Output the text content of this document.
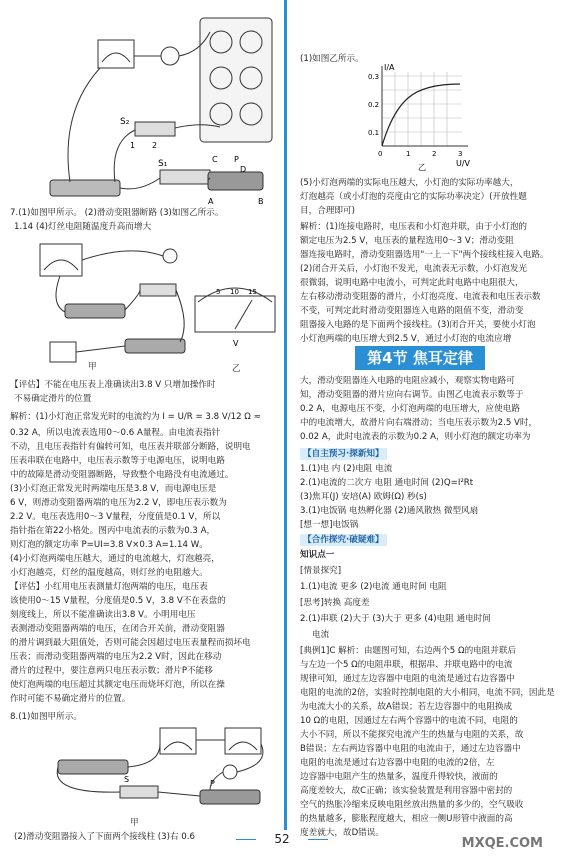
S₂
S₁
1 2
C P
D
A	B
7.(1)如图甲所示。 (2)滑动变阻器断路 (3)如图乙所示。
1.14 (4)灯丝电阻随温度升高而增大
5 10 15
V
甲	乙
【评估】不能在电压表上准确读出3.8 V 只增加操作时
不易确定滑片的位置
解析：(1)小灯泡正常发光时的电流约为 I = U/R = 3.8 V/12 Ω ≈
0.32 A，所以电流表选用0～0.6 A量程。由电流表指针
不动，且电压表指针有偏转可知，电压表并联部分断路，说明电
压表串联在电路中，电压表示数等于电源电压，说明电路
中的故障是滑动变阻器断路，导致整个电路没有电流通过。
(3)小灯泡正常发光时两端电压是3.8 V，而电源电压是
6 V，则滑动变阻器两端的电压为2.2 V，即电压表示数为
2.2 V。电压表选用0～3 V量程，分度值是0.1 V，所以
指针指在第22小格处。图丙中电流表的示数为0.3 A，
则灯泡的额定功率 P=UI=3.8 V×0.3 A=1.14 W。
(4)小灯泡两端电压越大，通过的电流越大，灯泡越亮，
小灯泡越亮，灯丝的温度越高，则灯丝的电阻越大。
【评估】小红用电压表测量灯泡两端的电压，电压表
该使用0～15 V量程，分度值是0.5 V，3.8 V不在表盘的
刻度线上，所以不能准确读出3.8 V。小明用电压
表测滑动变阻器两端的电压，在闭合开关前，滑动变阻器
的滑片调到最大阻值处，否则可能会因超过电压表量程而损坏电
压表；而滑动变阻器两端的电压为2.2 V时，因此在移动
滑片的过程中，要注意两只电压表示数；滑片P不能移
使灯泡两端的电压超过其额定电压而烧坏灯泡，所以在操
作时可能不易确定滑片的位置。
8.(1)如图甲所示。
S	P
甲
(2)滑动变阻器接入了下面两个接线柱 (3)右 0.6
(1)如图乙所示。
I/A
0.3
0.2
0.1
0	1	2	3
U/V
乙
(5)小灯泡两端的实际电压越大，小灯泡的实际功率越大，
灯泡越亮（或小灯泡的亮度由它的实际功率决定）(开放性题
目，合理即可)
解析：(1)连接电路时，电压表和小灯泡并联，由于小灯泡的
额定电压为2.5 V，电压表的量程选用0～3 V；滑动变阻
器连接电路时，滑动变阻器选用"一上一下"两个接线柱接入电路。
(2)闭合开关后，小灯泡不发光，电流表无示数，小灯泡发光
很微弱，说明电路中电流小，可判定此时电路中电阻很大，
左右移动滑动变阻器的滑片，小灯泡亮度、电流表和电压表示数
不变，可判定此时滑动变阻器连入电路的阻值不变，滑动变
阻器接入电路的是下面两个接线柱。(3)闭合开关，要使小灯泡
小灯泡两端的电压增大到2.5 V，通过小灯泡的电流应增
大，滑动变阻器连入电路的电阻应减小，观察实物电路可
知，滑动变阻器的滑片应向右调节。由图乙电流表示数等于
0.2 A，电源电压不变，小灯泡两端的电压增大，应使电路
中的电流增大，故滑片向右端滑动；当电压表示数为2.5 V时，
0.02 A，此时电流表的示数为0.2 A，则小灯泡的额定功率为
第4节 焦耳定律
【自主预习·探新知】
1.(1)电 内 (2)电阻 电流
2.(1)电流的二次方 电阻 通电时间 (2)Q=I²Rt
(3)焦耳(J) 安培(A) 欧姆(Ω) 秒(s)
3.(1)电饭锅 电热孵化器 (2)通风散热 微型风扇
[想一想]电饭锅
【合作探究·破疑难】
知识点一
[情景探究]
1.(1)电流 更多 (2)电流 通电时间 电阻
[思考]转换 高度差
2.(1)串联 (2)大于 (3)大于 更多 (4)电阻 通电时间
电流
[典例1]C 解析：由题图可知，右边两个5 Ω的电阻并联后
与左边一个5 Ω的电阻串联，根据串、并联电路中的电流
规律可知，通过左边容器中电阻的电流是通过右边容器中
电阻的电流的2倍，实验时控制电阻的大小相同，电流不同，因此是
为电流大小的关系，故A错误；若左边容器中的电阻换成
10 Ω的电阻，因通过左右两个容器中的电流不同，电阻的
大小不同，所以不能探究电流产生的热量与电阻的关系，故
B错误；左右两边容器中电阻的电流由于，通过左边容器中
电阻的电流是通过右边容器中电阻的电流的2倍，左
边容器中电阻产生的热量多，温度升得较快，液面的
高度差较大，故C正确；该实验装置是利用容器中密封的
空气的热胀冷缩来反映电阻丝放出热量的多少的，空气吸收
的热量越多，膨胀程度越大，相应一侧U形管中液面的高
度差就大，故D错误。
52	MXQE.COM
